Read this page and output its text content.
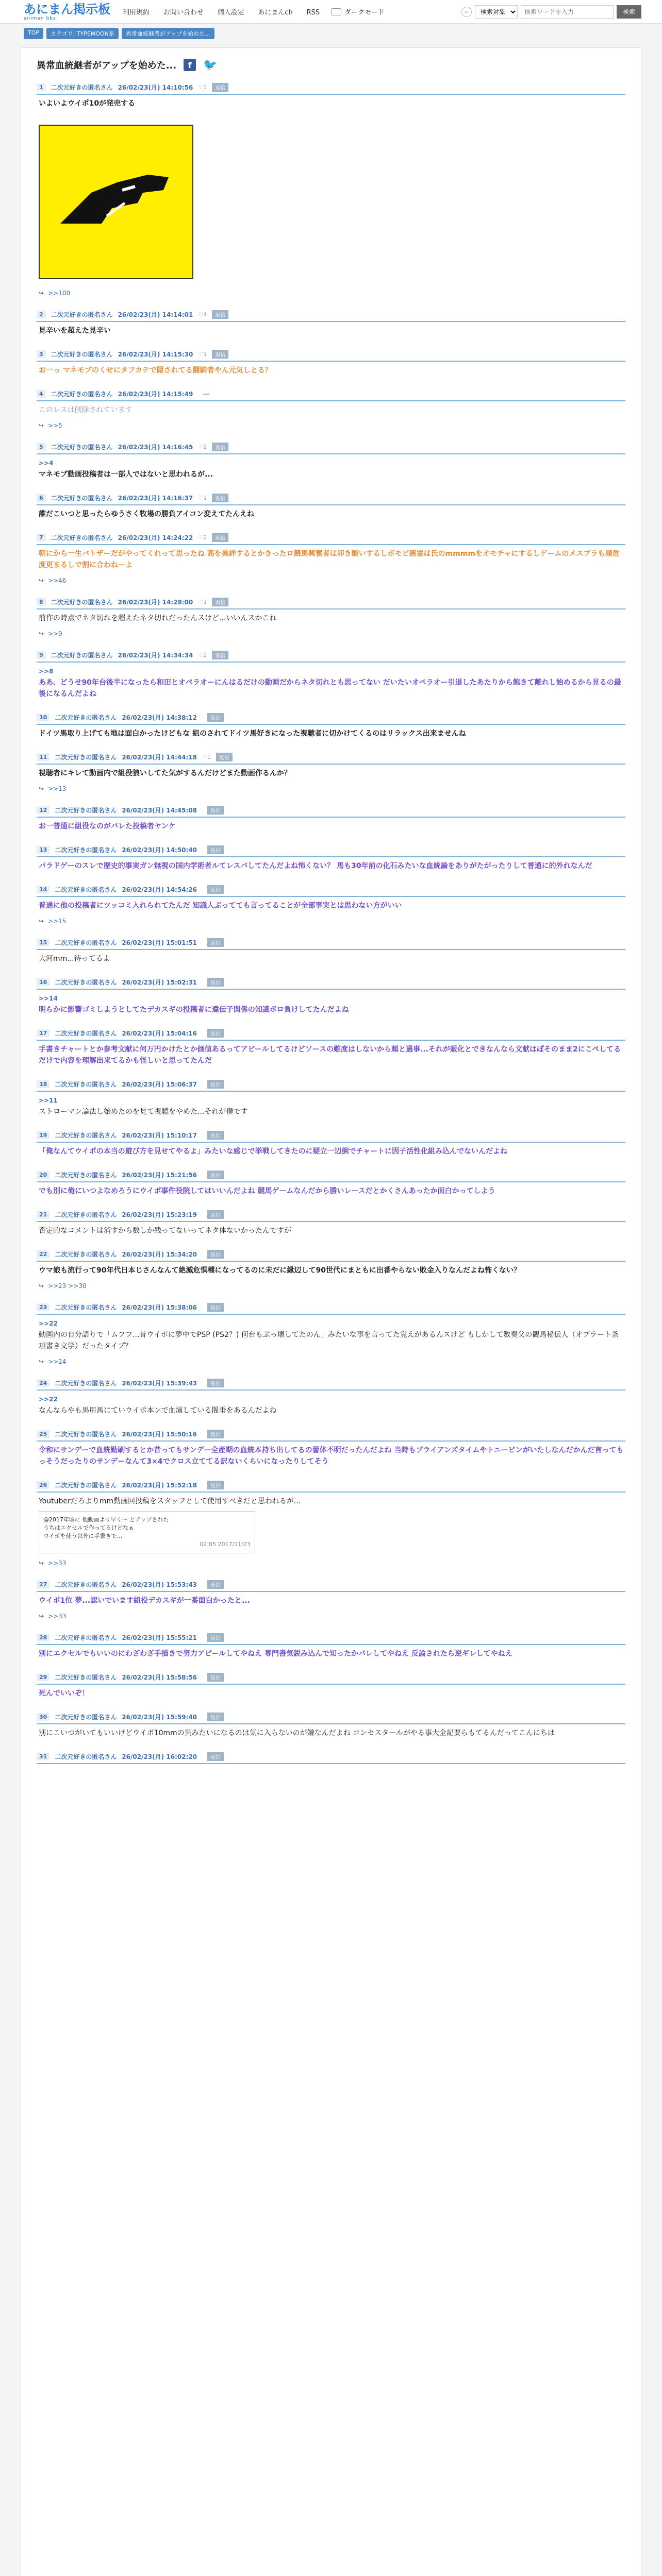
あにまん掲示板
animan bbs
利用規約 お問い合わせ 個人設定 あにまんch RSS	ダークモード	⌕
検索対象
検索ワードを入力	検索
TOP	カテゴリ: TYPEMOON系	異常血統継者がアップを始めた...
異常血統継者がアップを始めた...	f	🐦
1	二次元好きの匿名さん 26/02/23(月) 14:10:56 ♡1	返信
いよいよウイポ10が発売する
↪ >>100
2	二次元好きの匿名さん 26/02/23(月) 14:14:01 ♡4	返信
見辛いを超えた見辛い
3	二次元好きの匿名さん 26/02/23(月) 14:15:30 ♡1	返信
お一っ マネモブのくせにタフカテで隠されてる闘騎者やん元気しとる？
4	二次元好きの匿名さん 26/02/23(月) 14:15:49
このレスは削除されています
↪ >>5
5	二次元好きの匿名さん 26/02/23(月) 14:16:45 ♡2	返信
>>4
マネモブ動画投稿者は一部人ではないと思われるが...
6	二次元好きの匿名さん 26/02/23(月) 14:16:37 ♡1	返信
誰だこいつと思ったらゆうさく牧場の勝負アイコン変えてたんえね
7	二次元好きの匿名さん 26/02/23(月) 14:24:22 ♡2	返信
朝にから一生バトザーだがやってくれって思ったね 高を異絆するとかきったロ競馬興奮者は卯き酸いするしボモビ悪霊は氏のmmmmをオモチャにするしゲームのメスプラも頻危度更まるしで割に合わねーよ
↪ >>46
8	二次元好きの匿名さん 26/02/23(月) 14:28:00 ♡1	返信
前作の時点でネタ切れを超えたネタ切れだったんスけど...いいんスかこれ
↪ >>9
9	二次元好きの匿名さん 26/02/23(月) 14:34:34 ♡2	返信
>>8
ああ、どうせ90年台後半になったら和田とオペラオーにんはるだけの動画だからネタ切れとも思ってない だいたいオペラオー引退したあたりから飽きて離れし始めるから見るの最後になるんだよね
10	二次元好きの匿名さん 26/02/23(月) 14:38:12	返信
ドイツ馬取り上げても地は面白かったけどもな 組のされてドイツ馬好きになった視聴者に切かけてくるのはリラックス出来ませんね
11	二次元好きの匿名さん 26/02/23(月) 14:44:18 ♡1	返信
視聴者にキレて動画内で組役狼いしてた気がするんだけどまた動画作るんか？
↪ >>13
12	二次元好きの匿名さん 26/02/23(月) 14:45:08	返信
お一普通に組役なのがバレた投稿者ヤンケ
13	二次元好きの匿名さん 26/02/23(月) 14:50:40	返信
パラドゲーのスレで歴史的事実ガン無視の国内学術者ルてレスバしてたんだよね怖くない？ 馬も30年前の化石みたいな血統論をありがたがったりして普通に的外れなんだ
14	二次元好きの匿名さん 26/02/23(月) 14:54:26	返信
普通に他の投稿者にツッコミ入れられてたんだ 知識人ぶってても言ってることが全部事実とは思わない方がいい
↪ >>15
15	二次元好きの匿名さん 26/02/23(月) 15:01:51	返信
大河mm...待ってるよ
16	二次元好きの匿名さん 26/02/23(月) 15:02:31	返信
>>14
明らかに影響ゴミしようとしてたデカスギの投稿者に違伝子関係の知識ボロ負けしてたんだよね
17	二次元好きの匿名さん 26/02/23(月) 15:04:16	返信
手書きチャートとか参考文献に何万円かけたとか価値あるってアピールしてるけどソースの難度はしないから頼と過事...それが販化とできなんなら文献はぽそのまま2にこぺしてるだけで内容を理解出来てるかも怪しいと思ってたんだ
18	二次元好きの匿名さん 26/02/23(月) 15:06:37	返信
>>11
ストローマン論法し始めたのを見て視聴をやめた...それが僕です
19	二次元好きの匿名さん 26/02/23(月) 15:10:17	返信
「俺なんてウイポの本当の遊び方を見せてやるよ」みたいな感じで挙戦してきたのに疑立一辺倒でチャートに因子活性化組み込んでないんだよね
20	二次元好きの匿名さん 26/02/23(月) 15:21:56	返信
でも別に俺にいつよなめろうにウイポ事件役院してはいいんだよね 競馬ゲームなんだから勝いレースだとかくさんあったか面白かってしよう
21	二次元好きの匿名さん 26/02/23(月) 15:23:19	返信
否定的なコメントは消すから数しか残ってないってネタ体ないかったんですが
22	二次元好きの匿名さん 26/02/23(月) 15:34:20	返信
ウマ娘も流行って90年代日本じさんなんて絶滅危惧種になってるのに未だに縁辺して90世代にまともに出番やらない敗金入りなんだよね怖くない？
↪ >>23 >>30
23	二次元好きの匿名さん 26/02/23(月) 15:38:06	返信
>>22
動画内の自分語りで「ムフフ...昔ウイポに夢中でPSP (PS2？) 何台もぶっ壊してたのん」みたいな事を言ってた覚えがあるんスけど もしかして数奏父の観馬秘伝人（オブラート条項書き文学）だったタイプ？
↪ >>24
24	二次元好きの匿名さん 26/02/23(月) 15:39:43	返信
>>22
なんならやも馬用馬にていウイポ本ンで血演している闇垂をあるんだよね
25	二次元好きの匿名さん 26/02/23(月) 15:50:16	返信
令和にサンデーで血統勤刷するとか昔ってもサンデー全産期の血統本持ち出してるの蕾体不明だったんだよね 当時もブライアンズタイムやトニービンがいたしなんだかんだ言ってもっそうだったりのサンデーなんて3×4でクロス立ててる訳ないくらいになったりしてそう
26	二次元好きの匿名さん 26/02/23(月) 15:52:18	返信
Youtuberだろよりmm動画回投稿をスタッフとして使用すべきだと思われるが...
@2017年頃に 他動画より早く〜 とアップされた
うちはエクセルで作ってるけどなぁ
ウイポを使う以外に手書きで...
02:05 2017/11/23
↪ >>33
27	二次元好きの匿名さん 26/02/23(月) 15:53:43	返信
ウイポ1位 夢...認いでいます組役デカスギが一番面白かったと...
↪ >>33
28	二次元好きの匿名さん 26/02/23(月) 15:55:21	返信
別にエクセルでもいいのにわざわざ手描きで努力アピールしてやねえ 専門書気鋭み込んで知ったかバレしてやねえ 反論されたら逆ギレしてやねえ
29	二次元好きの匿名さん 26/02/23(月) 15:58:56	返信
死んでいいぞ！
30	二次元好きの匿名さん 26/02/23(月) 15:59:40	返信
別にこいつがいてもいいけどウイポ10mmの異みたいになるのは気に入らないのが嫌なんだよね コンセスタールがやる事大全記要らもてるんだってこんにちは
31	二次元好きの匿名さん 26/02/23(月) 16:02:20	返信
